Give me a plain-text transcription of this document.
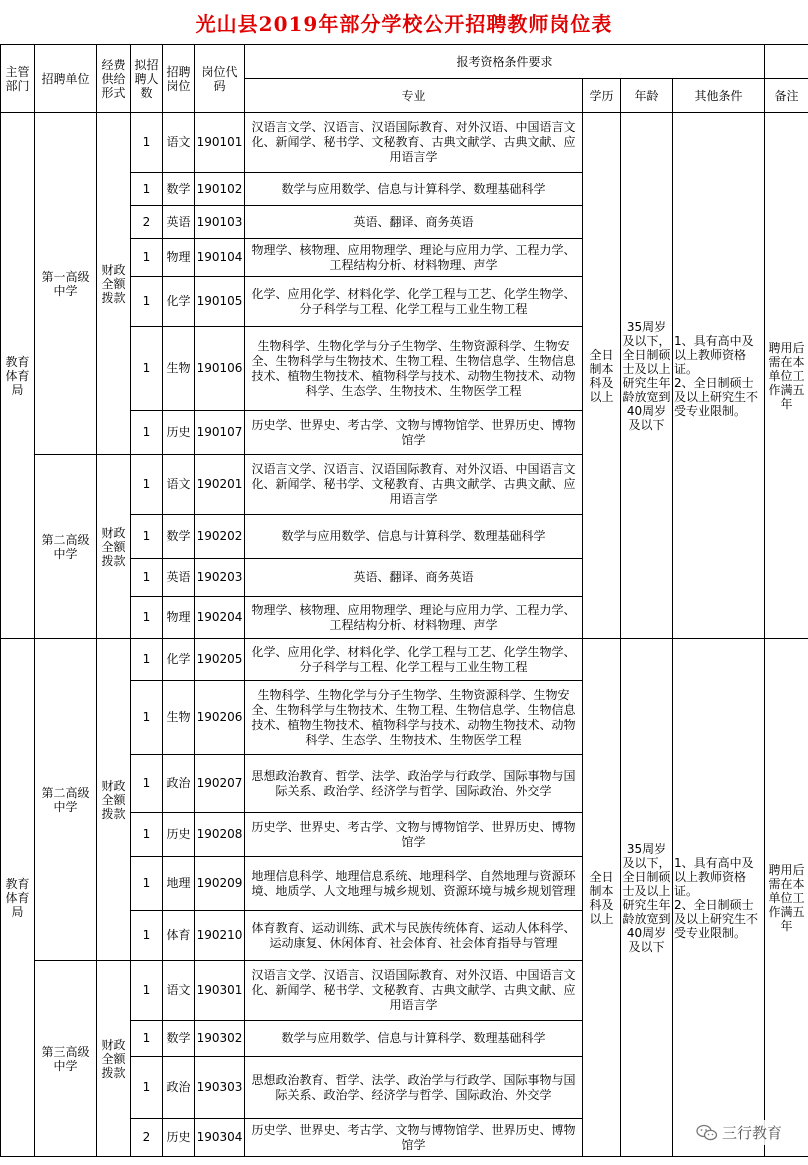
光山县2019年部分学校公开招聘教师岗位表
主管部门	招聘单位	经费供给形式	拟招聘人数	招聘岗位	岗位代码	报考资格条件要求				
						专业	学历	年龄	其他条件	备注
教育体育局	第一高级中学	财政全额拨款	1	语文	190101	汉语言文学、汉语言、汉语国际教育、对外汉语、中国语言文化、新闻学、秘书学、文秘教育、古典文献学、古典文献、应用语言学	全日制本科及以上	35周岁及以下，全日制硕士及以上研究生年龄放宽到40周岁及以下	1、具有高中及以上教师资格证。
2、全日制硕士及以上研究生不受专业限制。	聘用后需在本单位工作满五年
			1	数学	190102	数学与应用数学、信息与计算科学、数理基础科学				
			2	英语	190103	英语、翻译、商务英语				
			1	物理	190104	物理学、核物理、应用物理学、理论与应用力学、工程力学、工程结构分析、材料物理、声学				
			1	化学	190105	化学、应用化学、材料化学、化学工程与工艺、化学生物学、分子科学与工程、化学工程与工业生物工程				
			1	生物	190106	生物科学、生物化学与分子生物学、生物资源科学、生物安全、生物科学与生物技术、生物工程、生物信息学、生物信息技术、植物生物技术、植物科学与技术、动物生物技术、动物科学、生态学、生物技术、生物医学工程				
			1	历史	190107	历史学、世界史、考古学、文物与博物馆学、世界历史、博物馆学				
	第二高级中学	财政全额拨款	1	语文	190201	汉语言文学、汉语言、汉语国际教育、对外汉语、中国语言文化、新闻学、秘书学、文秘教育、古典文献学、古典文献、应用语言学				
			1	数学	190202	数学与应用数学、信息与计算科学、数理基础科学				
			1	英语	190203	英语、翻译、商务英语				
			1	物理	190204	物理学、核物理、应用物理学、理论与应用力学、工程力学、工程结构分析、材料物理、声学				
教育体育局	第二高级中学	财政全额拨款	1	化学	190205	化学、应用化学、材料化学、化学工程与工艺、化学生物学、分子科学与工程、化学工程与工业生物工程	全日制本科及以上	35周岁及以下，全日制硕士及以上研究生年龄放宽到40周岁及以下	1、具有高中及以上教师资格证。
2、全日制硕士及以上研究生不受专业限制。	聘用后需在本单位工作满五年
			1	生物	190206	生物科学、生物化学与分子生物学、生物资源科学、生物安全、生物科学与生物技术、生物工程、生物信息学、生物信息技术、植物生物技术、植物科学与技术、动物生物技术、动物科学、生态学、生物技术、生物医学工程				
			1	政治	190207	思想政治教育、哲学、法学、政治学与行政学、国际事物与国际关系、政治学、经济学与哲学、国际政治、外交学				
			1	历史	190208	历史学、世界史、考古学、文物与博物馆学、世界历史、博物馆学				
			1	地理	190209	地理信息科学、地理信息系统、地理科学、自然地理与资源环境、地质学、人文地理与城乡规划、资源环境与城乡规划管理				
			1	体育	190210	体育教育、运动训练、武术与民族传统体育、运动人体科学、运动康复、休闲体育、社会体育、社会体育指导与管理				
	第三高级中学	财政全额拨款	1	语文	190301	汉语言文学、汉语言、汉语国际教育、对外汉语、中国语言文化、新闻学、秘书学、文秘教育、古典文献学、古典文献、应用语言学				
			1	数学	190302	数学与应用数学、信息与计算科学、数理基础科学				
			1	政治	190303	思想政治教育、哲学、法学、政治学与行政学、国际事物与国际关系、政治学、经济学与哲学、国际政治、外交学				
			2	历史	190304	历史学、世界史、考古学、文物与博物馆学、世界历史、博物馆学				
三行教育
